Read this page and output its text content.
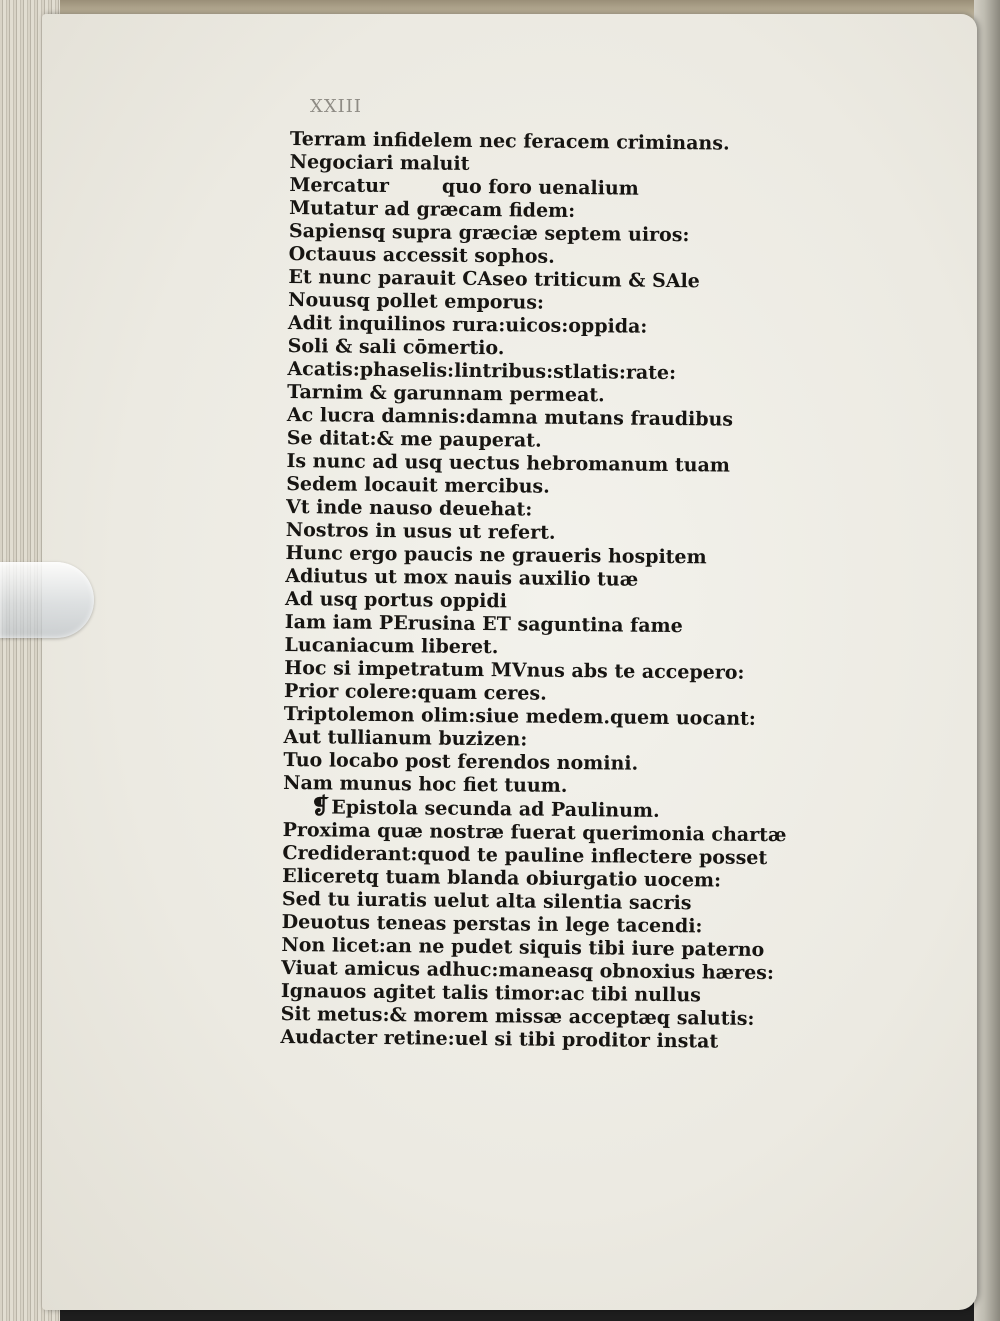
XXIII
Terram infidelem nec feracem criminans.
Negociari maluit
Mercatur        quo foro uenalium
Mutatur ad græcam fidem:
Sapiensq̧ supra græciæ septem uiros:
Octauus accessit sophos.
Et nunc parauit CAseo triticum & SAle
Nouusq̧ pollet emporus:
Adit inquilinos rura:uicos:oppida:
Soli & sali cōmertio.
Acatis:phaselis:lintribus:stlatis:rate:
Tarnim & garunnam permeat.
Ac lucra damnis:damna mutans fraudibus
Se ditat:& me pauperat.
Is nunc ad usq̧ uectus hebromanum tuam
Sedem locauit mercibus.
Vt inde nauso deuehat:
Nostros in usus ut refert.
Hunc ergo paucis ne graueris hospitem
Adiutus ut mox nauis auxilio tuæ
Ad usq̧ portus oppidi
Iam iam PErusina ET saguntina fame
Lucaniacum liberet.
Hoc si impetratum MVnus abs te accepero:
Prior colere:quam ceres.
Triptolemon olim:siue medem.quem uocant:
Aut tullianum buzizen:
Tuo locabo post ferendos nomini.
Nam munus hoc fiet tuum.
❡Epistola secunda ad Paulinum.
Proxima quæ nostræ fuerat querimonia chartæ
Crediderant:quod te pauline inflectere posset
Eliceretq̧ tuam blanda obiurgatio uocem:
Sed tu iuratis uelut alta silentia sacris
Deuotus teneas perstas in lege tacendi:
Non licet:an ne pudet siquis tibi iure paterno
Viuat amicus adhuc:maneasq̧ obnoxius hæres:
Ignauos agitet talis timor:ac tibi nullus
Sit metus:& morem missæ acceptæq̧ salutis:
Audacter retine:uel si tibi proditor instat
